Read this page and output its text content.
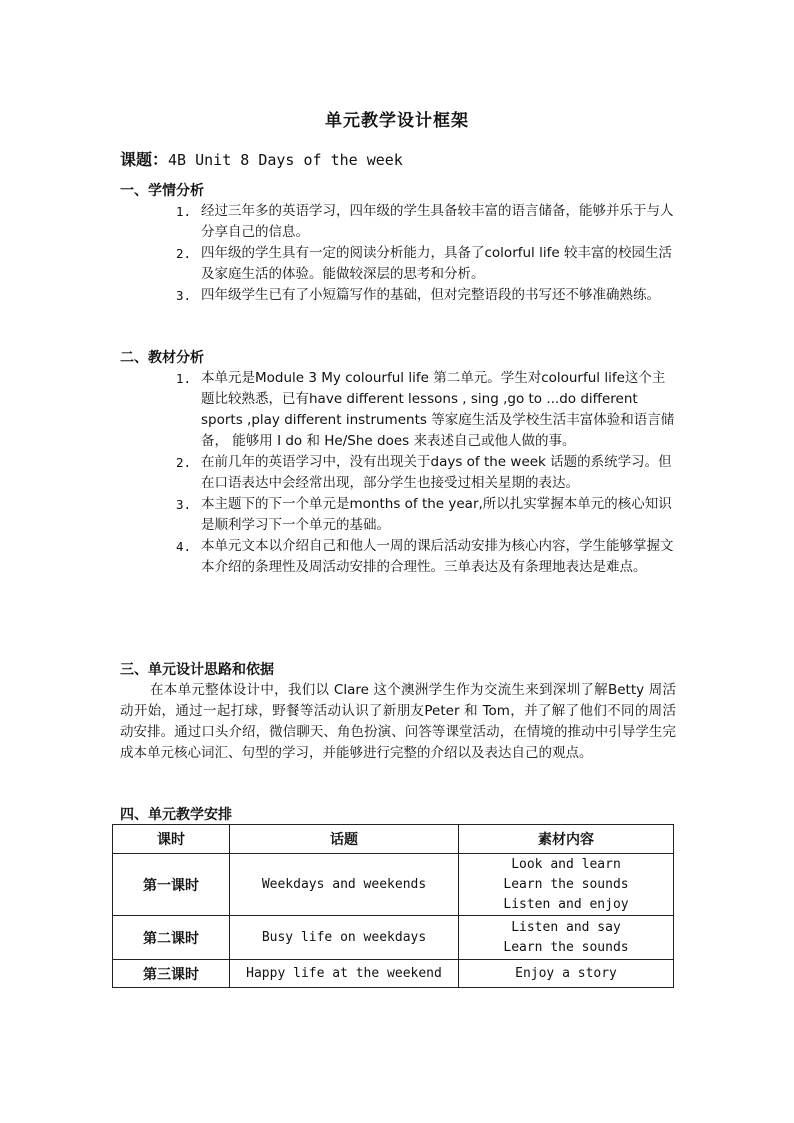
单元教学设计框架
课题：4B Unit 8 Days of the week
一、学情分析
1. 经过三年多的英语学习，四年级的学生具备较丰富的语言储备，能够并乐于与人分享自己的信息。
2. 四年级的学生具有一定的阅读分析能力，具备了colorful life 较丰富的校园生活及家庭生活的体验。能做较深层的思考和分析。
3. 四年级学生已有了小短篇写作的基础，但对完整语段的书写还不够准确熟练。
二、教材分析
1. 本单元是Module 3 My colourful life 第二单元。学生对colourful life这个主题比较熟悉，已有have different lessons , sing ,go to ...do different sports ,play different instruments 等家庭生活及学校生活丰富体验和语言储备， 能够用 I do 和 He/She does 来表述自己或他人做的事。
2. 在前几年的英语学习中，没有出现关于days of the week 话题的系统学习。但在口语表达中会经常出现，部分学生也接受过相关星期的表达。
3. 本主题下的下一个单元是months of the year,所以扎实掌握本单元的核心知识是顺利学习下一个单元的基础。
4. 本单元文本以介绍自己和他人一周的课后活动安排为核心内容，学生能够掌握文本介绍的条理性及周活动安排的合理性。三单表达及有条理地表达是难点。
三、单元设计思路和依据
在本单元整体设计中，我们以 Clare 这个澳洲学生作为交流生来到深圳了解Betty 周活动开始，通过一起打球，野餐等活动认识了新朋友Peter 和 Tom，并了解了他们不同的周活动安排。通过口头介绍，微信聊天、角色扮演、问答等课堂活动，在情境的推动中引导学生完成本单元核心词汇、句型的学习，并能够进行完整的介绍以及表达自己的观点。
四、单元教学安排
课时	话题	素材内容
第一课时	Weekdays and weekends	Look and learn
Learn the sounds
Listen and enjoy

第二课时	Busy life on weekdays	Listen and say
Learn the sounds

第三课时	Happy life at the weekend	Enjoy a story
